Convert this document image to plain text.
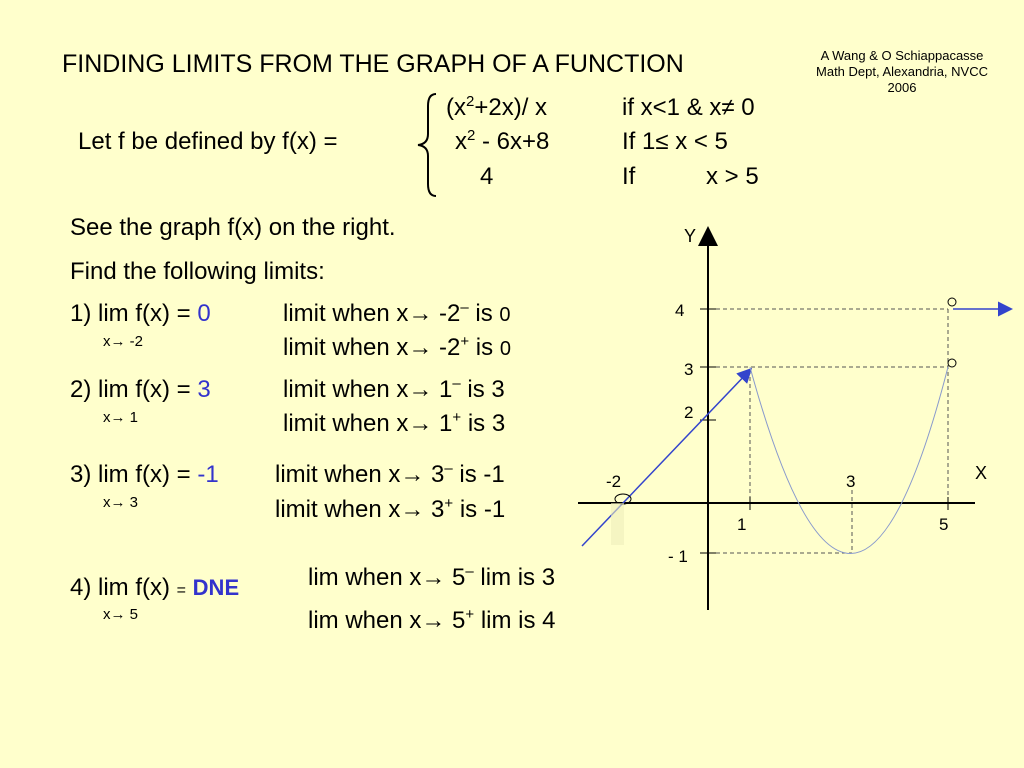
FINDING LIMITS FROM THE GRAPH OF A FUNCTION	A Wang & O Schiappacasse
Math Dept, Alexandria, NVCC
2006
Let f be defined by f(x) =
$(x^2+2x)/$ x	if x<1 & x≠ 0
$x^2 - 6x+8$	If 1≤ x < 5
4	If	x > 5
See the graph f(x) on the right.
Find the following limits:
1) lim f(x) = 0
x→ -2
limit when x→ -2– is 0
limit when x→ -2+ is 0
2) lim f(x) = 3
x→ 1
limit when x→ 1– is 3
limit when x→ 1+ is 3
3) lim f(x) = -1
x→ 3
limit when x→ 3– is -1
limit when x→ 3+ is -1
4) lim f(x) = DNE
x→ 5
lim when x→ 5– lim is 3
lim when x→ 5+ lim is 4
Y
X
4
3
2
- 1
-2
1
3
5
